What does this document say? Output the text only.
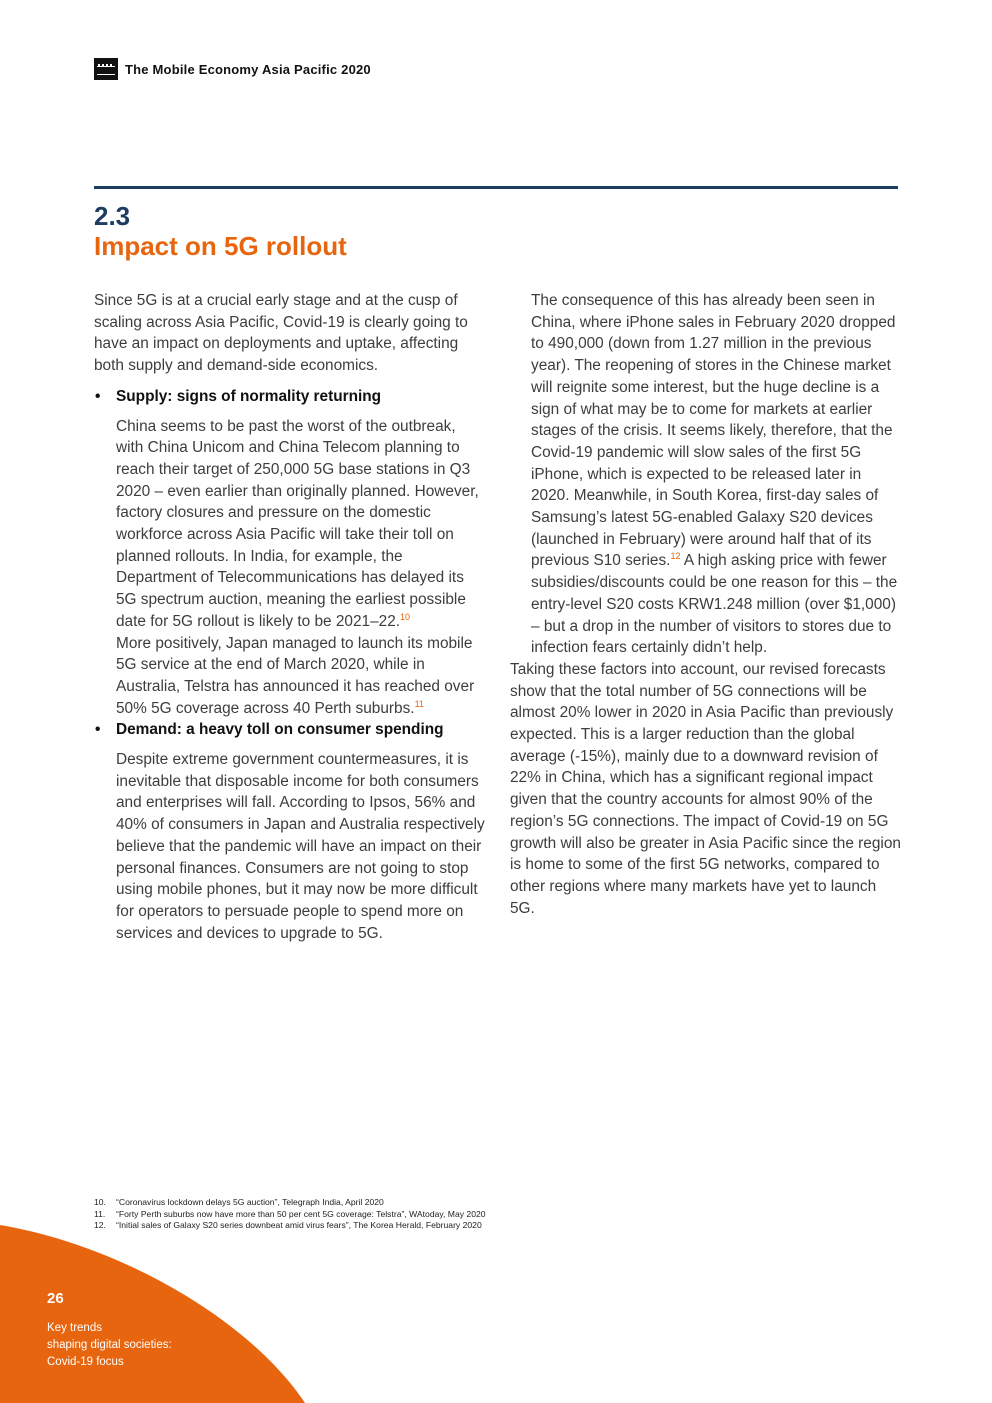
The Mobile Economy Asia Pacific 2020
2.3
Impact on 5G rollout

Since 5G is at a crucial early stage and at the cusp of scaling across Asia Pacific, Covid-19 is clearly going to have an impact on deployments and uptake, affecting both supply and demand-side economics.

• Supply: signs of normality returning

China seems to be past the worst of the outbreak, with China Unicom and China Telecom planning to reach their target of 250,000 5G base stations in Q3 2020 – even earlier than originally planned. However, factory closures and pressure on the domestic workforce across Asia Pacific will take their toll on planned rollouts. In India, for example, the Department of Telecommunications has delayed its 5G spectrum auction, meaning the earliest possible date for 5G rollout is likely to be 2021–22.10

More positively, Japan managed to launch its mobile 5G service at the end of March 2020, while in Australia, Telstra has announced it has reached over 50% 5G coverage across 40 Perth suburbs.$^{11}$

• Demand: a heavy toll on consumer spending

Despite extreme government countermeasures, it is inevitable that disposable income for both consumers and enterprises will fall. According to Ipsos, 56% and 40% of consumers in Japan and Australia respectively believe that the pandemic will have an impact on their personal finances. Consumers are not going to stop using mobile phones, but it may now be more difficult for operators to persuade people to spend more on services and devices to upgrade to 5G.

The consequence of this has already been seen in China, where iPhone sales in February 2020 dropped to 490,000 (down from 1.27 million in the previous year). The reopening of stores in the Chinese market will reignite some interest, but the huge decline is a sign of what may be to come for markets at earlier stages of the crisis. It seems likely, therefore, that the Covid-19 pandemic will slow sales of the first 5G iPhone, which is expected to be released later in 2020. Meanwhile, in South Korea, first-day sales of Samsung’s latest 5G-enabled Galaxy S20 devices (launched in February) were around half that of its previous S10 series.$^{12}$ A high asking price with fewer subsidies/discounts could be one reason for this – the entry-level S20 costs KRW1.248 million (over $1,000) – but a drop in the number of visitors to stores due to infection fears certainly didn’t help.

Taking these factors into account, our revised forecasts show that the total number of 5G connections will be almost 20% lower in 2020 in Asia Pacific than previously expected. This is a larger reduction than the global average (-15%), mainly due to a downward revision of 22% in China, which has a significant regional impact given that the country accounts for almost 90% of the region’s 5G connections. The impact of Covid-19 on 5G growth will also be greater in Asia Pacific since the region is home to some of the first 5G networks, compared to other regions where many markets have yet to launch 5G.

10. “Coronavirus lockdown delays 5G auction”, Telegraph India, April 2020
11. “Forty Perth suburbs now have more than 50 per cent 5G coverage: Telstra”, WAtoday, May 2020
12. “Initial sales of Galaxy S20 series downbeat amid virus fears”, The Korea Herald, February 2020
26
Key trends
shaping digital societies:
Covid-19 focus
